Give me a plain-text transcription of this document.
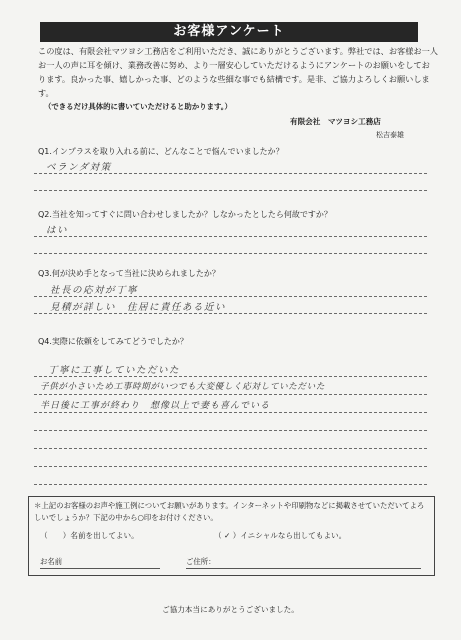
お客様アンケート
この度は、有限会社マツヨシ工務店をご利用いただき、誠にありがとうございます。弊社では、お客様お一人お一人の声に耳を傾け、業務改善に努め、より一層安心していただけるようにアンケートのお願いをしております。良かった事、嬉しかった事、どのような些細な事でも結構です。是非、ご協力よろしくお願いします。
（できるだけ具体的に書いていただけると助かります。）
有限会社　マツヨシ工務店
松吉泰雄
Q1.インプラスを取り入れる前に、どんなことで悩んでいましたか？
ベランダ対策
Q2.当社を知ってすぐに問い合わせしましたか？しなかったとしたら何故ですか？
はい
Q3.何が決め手となって当社に決められましたか？
社長の応対が丁寧
見積が詳しい　住居に責任ある近い
Q4.実際に依頼をしてみてどうでしたか？
丁寧に工事していただいた
子供が小さいため工事時期がいつでも大変優しく応対していただいた
半日後に工事が終わり　想像以上で妻も喜んでいる
＊上記のお客様のお声や施工例についてお願いがあります。インターネットや印刷物などに掲載させていただいてよろしいでしょうか？下記の中から○印をお付けください。
（　　）名前を出してよい。	（ ✓ ）イニシャルなら出してもよい。
お名前	ご住所：
ご協力本当にありがとうございました。
